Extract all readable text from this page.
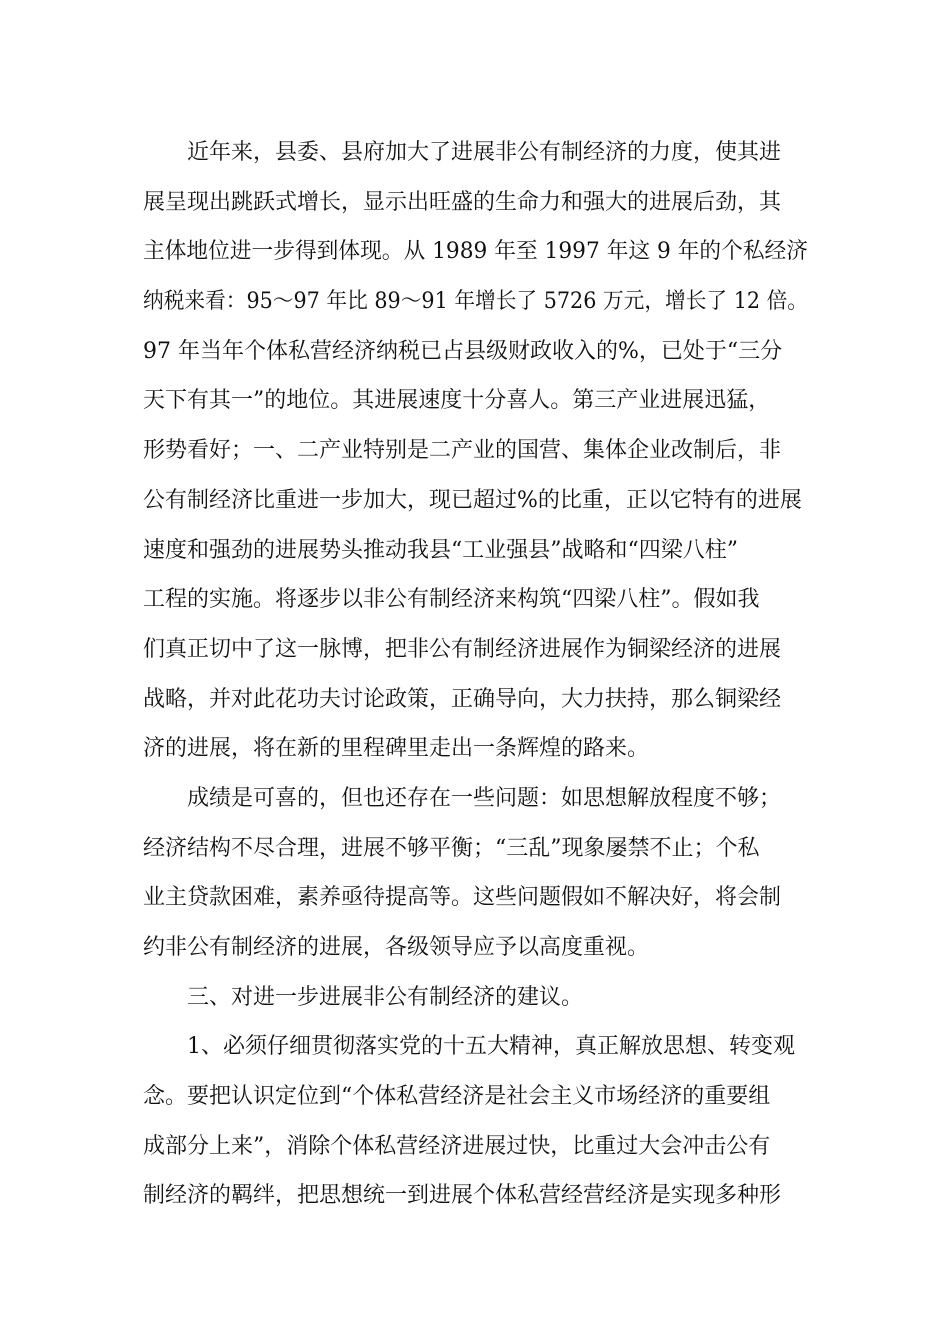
近年来，县委、县府加大了进展非公有制经济的力度，使其进
展呈现出跳跃式增长，显示出旺盛的生命力和强大的进展后劲，其
主体地位进一步得到体现。从 1989 年至 1997 年这 9 年的个私经济
纳税来看：95～97 年比 89～91 年增长了 5726 万元，增长了 12 倍。
97 年当年个体私营经济纳税已占县级财政收入的%，已处于“三分
天下有其一”的地位。其进展速度十分喜人。第三产业进展迅猛，
形势看好；一、二产业特别是二产业的国营、集体企业改制后，非
公有制经济比重进一步加大，现已超过%的比重，正以它特有的进展
速度和强劲的进展势头推动我县“工业强县”战略和“四梁八柱”
工程的实施。将逐步以非公有制经济来构筑“四梁八柱”。假如我
们真正切中了这一脉博，把非公有制经济进展作为铜梁经济的进展
战略，并对此花功夫讨论政策，正确导向，大力扶持，那么铜梁经
济的进展，将在新的里程碑里走出一条辉煌的路来。
成绩是可喜的，但也还存在一些问题：如思想解放程度不够；
经济结构不尽合理，进展不够平衡；“三乱”现象屡禁不止；个私
业主贷款困难，素养亟待提高等。这些问题假如不解决好，将会制
约非公有制经济的进展，各级领导应予以高度重视。
三、对进一步进展非公有制经济的建议。
1、必须仔细贯彻落实党的十五大精神，真正解放思想、转变观
念。要把认识定位到“个体私营经济是社会主义市场经济的重要组
成部分上来”，消除个体私营经济进展过快，比重过大会冲击公有
制经济的羁绊，把思想统一到进展个体私营经营经济是实现多种形
